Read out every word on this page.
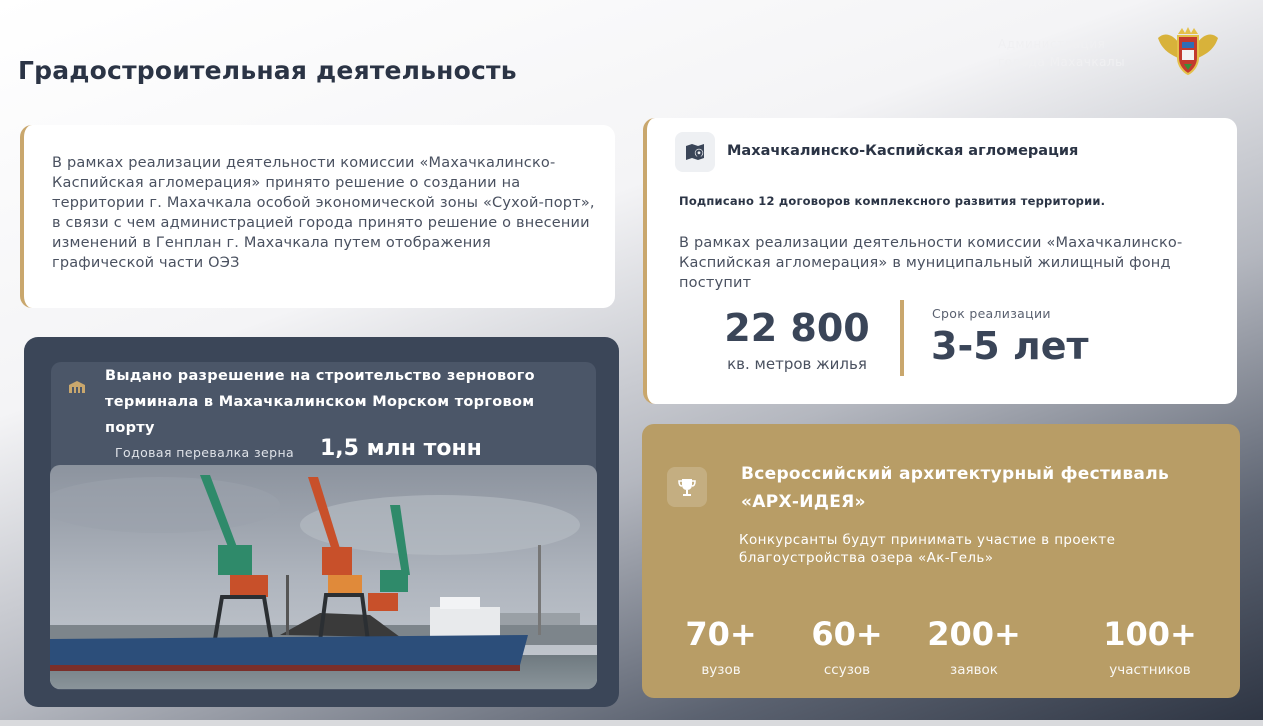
Градостроительная деятельность
Администрация
города Махачкалы

В рамках реализации деятельности комиссии «Махачкалинско-Каспийская агломерация» принято решение о создании на территории г. Махачкала особой экономической зоны «Сухой-порт», в связи с чем администрацией города принято решение о внесении изменений в Генплан г. Махачкала путем отображения графической части ОЭЗ

Махачкалинско-Каспийская агломерация
Подписано 12 договоров комплексного развития территории.
В рамках реализации деятельности комиссии «Махачкалинско-Каспийская агломерация» в муниципальный жилищный фонд поступит
22 800
кв. метров жилья
Срок реализации
3-5 лет
Выдано разрешение на строительство зернового терминала в Махачкалинском Морском торговом порту
Годовая перевалка зерна 1,5 млн тонн
Всероссийский архитектурный фестиваль «АРХ-ИДЕЯ»
Конкурсанты будут принимать участие в проекте благоустройства озера «Ак-Гель»
70+
вузов
60+
ссузов
200+
заявок
100+
участников
